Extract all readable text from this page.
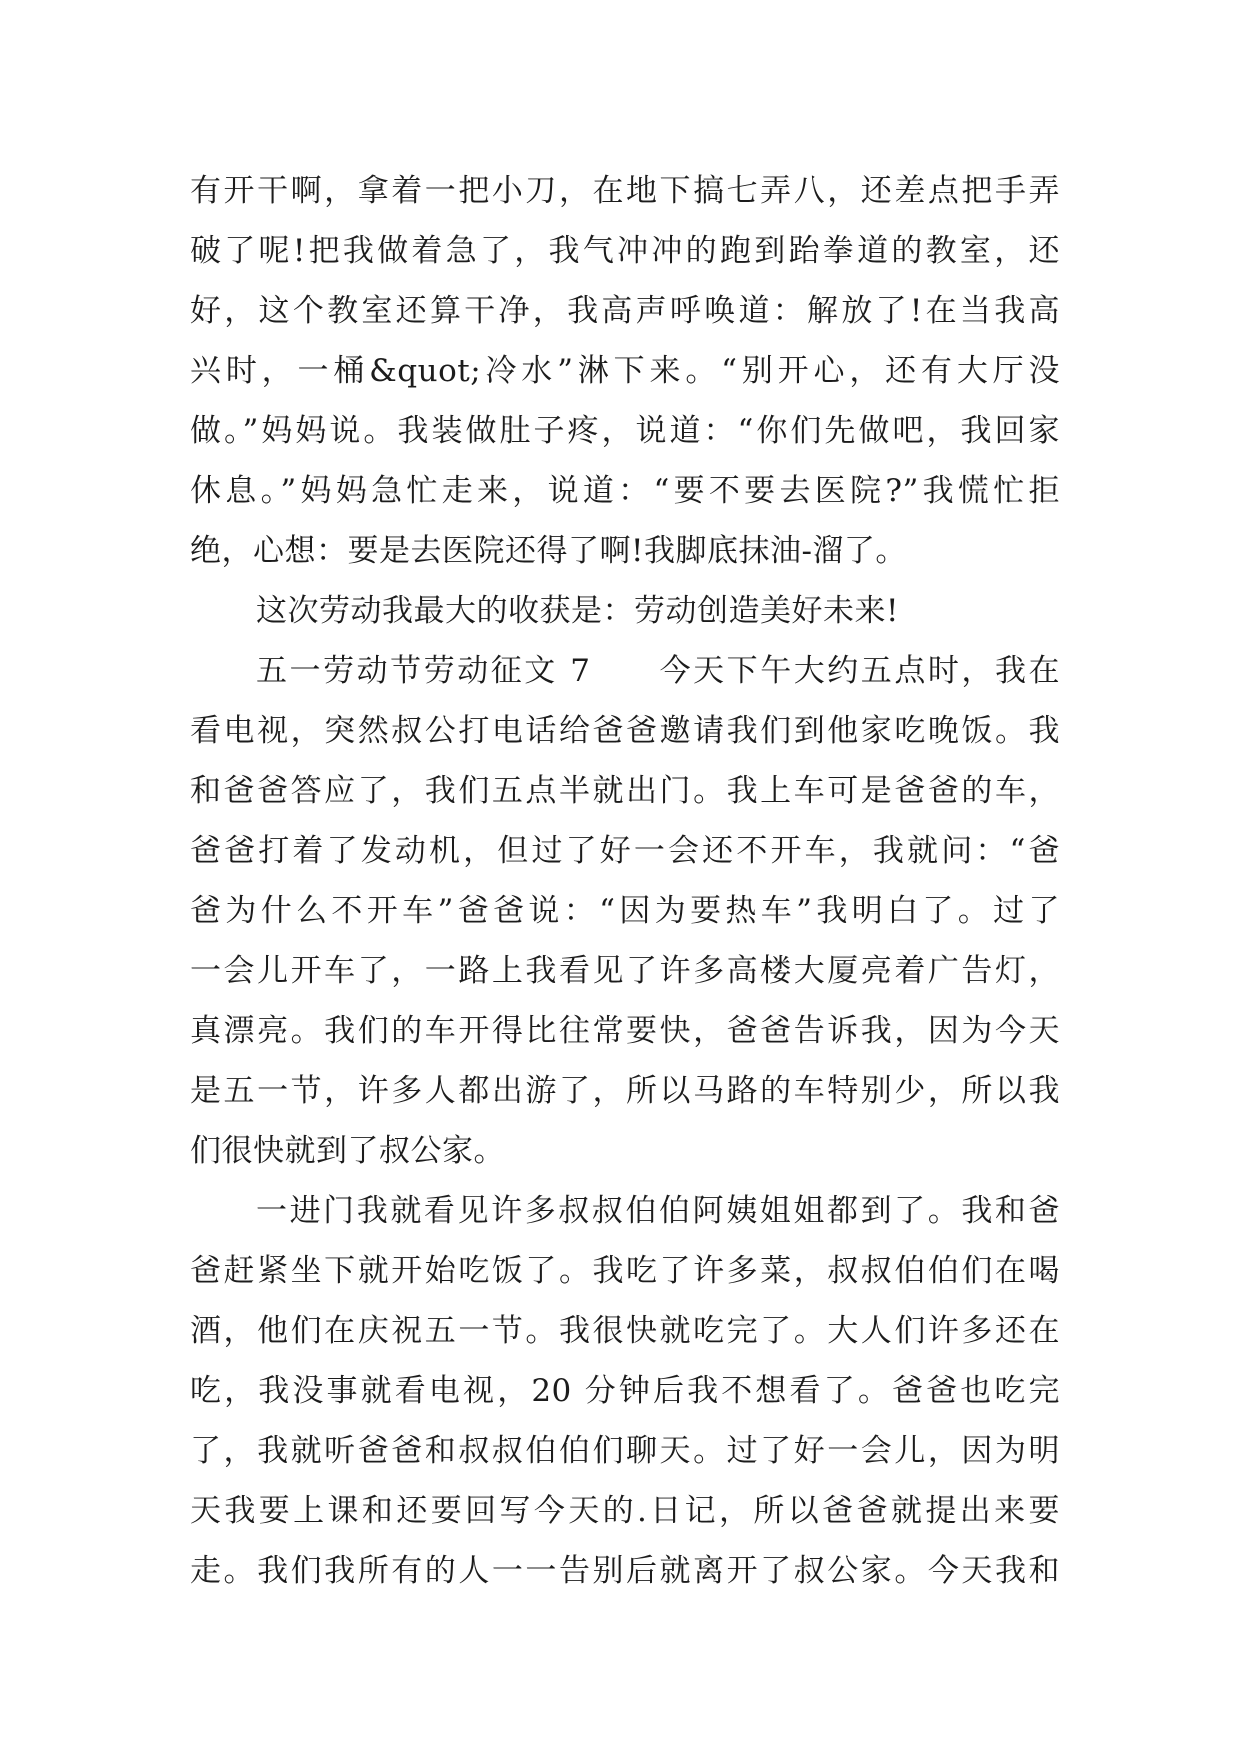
有开干啊，拿着一把小刀，在地下搞七弄八，还差点把手弄
破了呢!把我做着急了，我气冲冲的跑到跆拳道的教室，还
好，这个教室还算干净，我高声呼唤道：解放了!在当我高
兴时，一桶&quot;冷水”淋下来。“别开心，还有大厅没
做。”妈妈说。我装做肚子疼，说道：“你们先做吧，我回家
休息。”妈妈急忙走来，说道：“要不要去医院?”我慌忙拒
绝，心想：要是去医院还得了啊!我脚底抹油-溜了。
这次劳动我最大的收获是：劳动创造美好未来!
五一劳动节劳动征文 7　　今天下午大约五点时，我在
看电视，突然叔公打电话给爸爸邀请我们到他家吃晚饭。我
和爸爸答应了，我们五点半就出门。我上车可是爸爸的车，
爸爸打着了发动机，但过了好一会还不开车，我就问：“爸
爸为什么不开车”爸爸说：“因为要热车”我明白了。过了
一会儿开车了，一路上我看见了许多高楼大厦亮着广告灯，
真漂亮。我们的车开得比往常要快，爸爸告诉我，因为今天
是五一节，许多人都出游了，所以马路的车特别少，所以我
们很快就到了叔公家。
一进门我就看见许多叔叔伯伯阿姨姐姐都到了。我和爸
爸赶紧坐下就开始吃饭了。我吃了许多菜，叔叔伯伯们在喝
酒，他们在庆祝五一节。我很快就吃完了。大人们许多还在
吃，我没事就看电视，20 分钟后我不想看了。爸爸也吃完
了，我就听爸爸和叔叔伯伯们聊天。过了好一会儿，因为明
天我要上课和还要回写今天的.日记，所以爸爸就提出来要
走。我们我所有的人一一告别后就离开了叔公家。今天我和
